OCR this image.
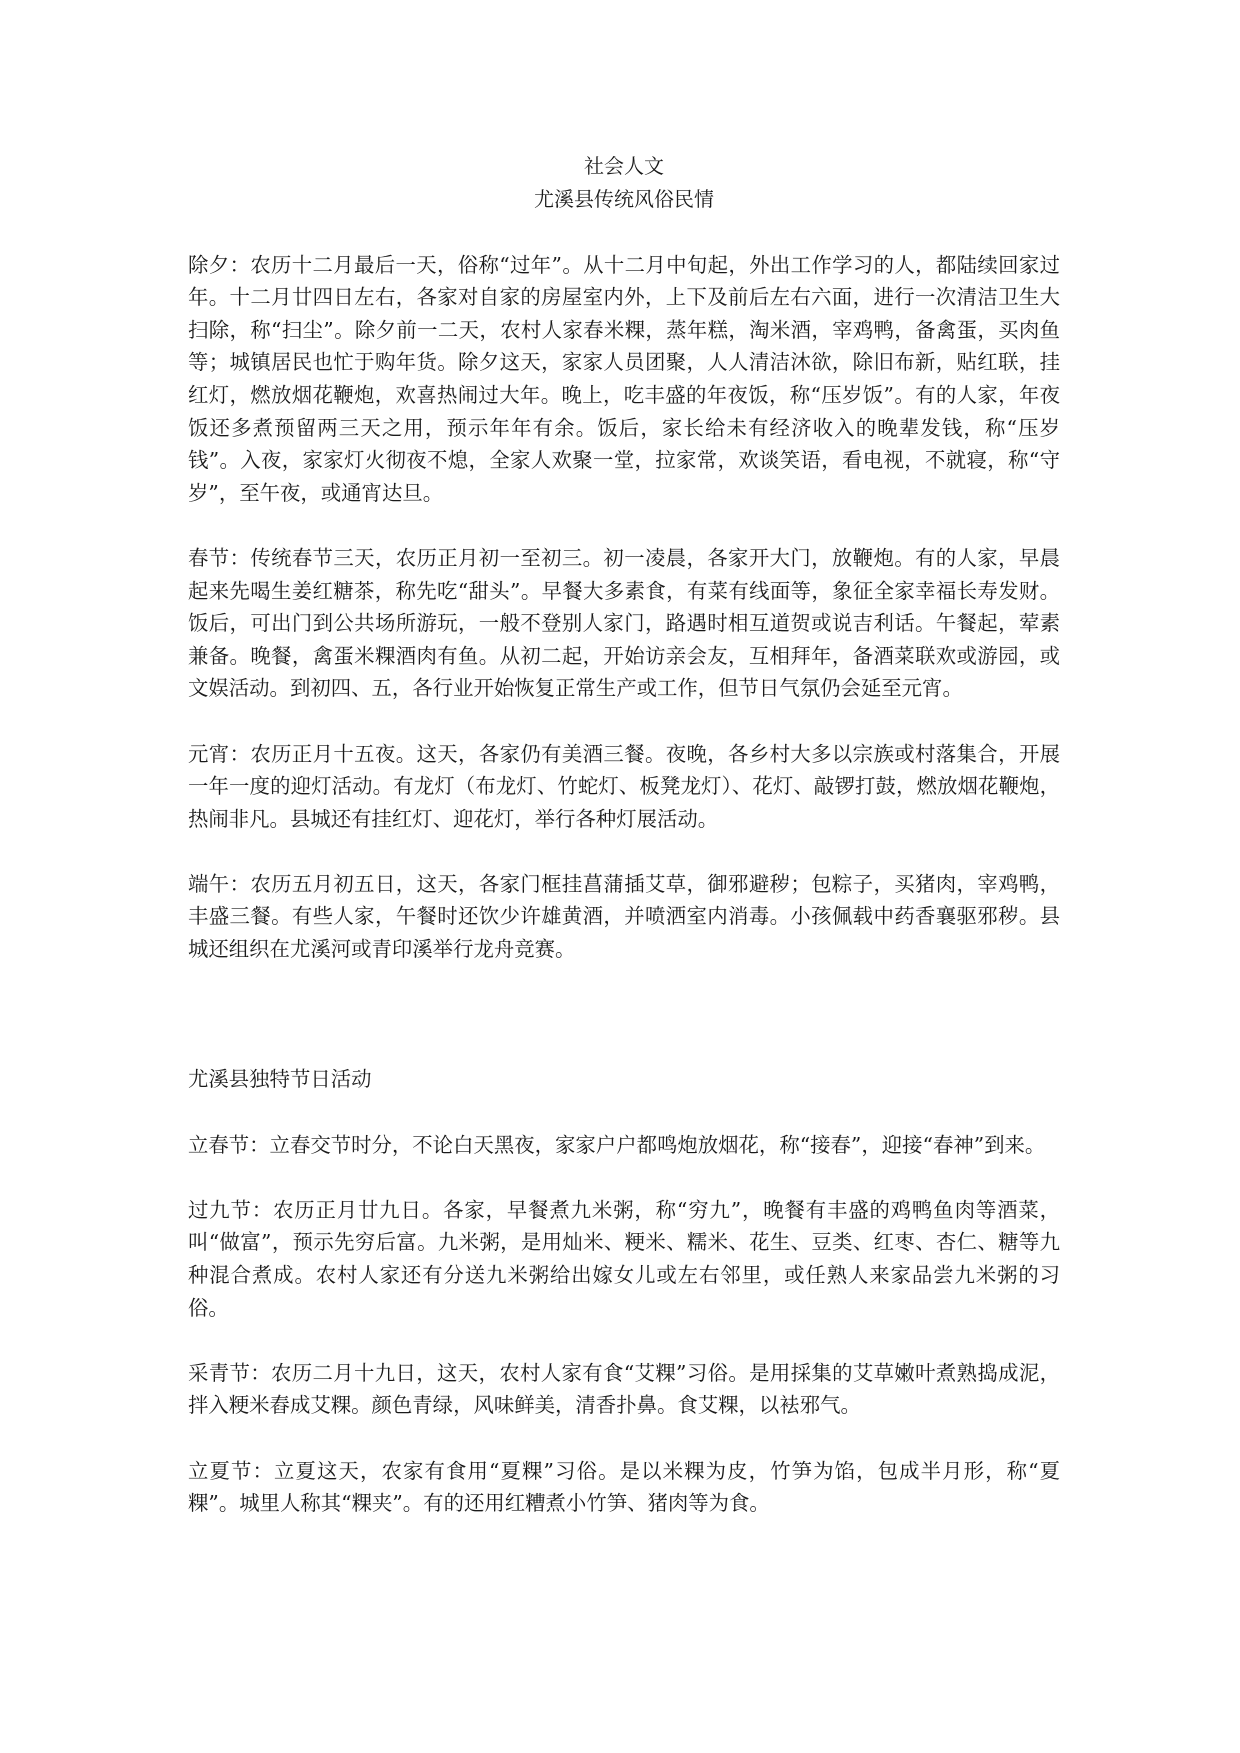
社会人文
尤溪县传统风俗民情

除夕：农历十二月最后一天，俗称“过年”。从十二月中旬起，外出工作学习的人，都陆续回家过年。十二月廿四日左右，各家对自家的房屋室内外，上下及前后左右六面，进行一次清洁卫生大扫除，称“扫尘”。除夕前一二天，农村人家春米粿，蒸年糕，淘米酒，宰鸡鸭，备禽蛋，买肉鱼等；城镇居民也忙于购年货。除夕这天，家家人员团聚，人人清洁沐欲，除旧布新，贴红联，挂红灯，燃放烟花鞭炮，欢喜热闹过大年。晚上，吃丰盛的年夜饭，称“压岁饭”。有的人家，年夜饭还多煮预留两三天之用，预示年年有余。饭后，家长给未有经济收入的晚辈发钱，称“压岁钱”。入夜，家家灯火彻夜不熄，全家人欢聚一堂，拉家常，欢谈笑语，看电视，不就寝，称“守岁”，至午夜，或通宵达旦。

春节：传统春节三天，农历正月初一至初三。初一凌晨，各家开大门，放鞭炮。有的人家，早晨起来先喝生姜红糖茶，称先吃“甜头”。早餐大多素食，有菜有线面等，象征全家幸福长寿发财。饭后，可出门到公共场所游玩，一般不登别人家门，路遇时相互道贺或说吉利话。午餐起，荤素兼备。晚餐，禽蛋米粿酒肉有鱼。从初二起，开始访亲会友，互相拜年，备酒菜联欢或游园，或文娱活动。到初四、五，各行业开始恢复正常生产或工作，但节日气氛仍会延至元宵。

元宵：农历正月十五夜。这天，各家仍有美酒三餐。夜晚，各乡村大多以宗族或村落集合，开展一年一度的迎灯活动。有龙灯（布龙灯、竹蛇灯、板凳龙灯）、花灯、敲锣打鼓，燃放烟花鞭炮，热闹非凡。县城还有挂红灯、迎花灯，举行各种灯展活动。

端午：农历五月初五日，这天，各家门框挂菖蒲插艾草，御邪避秽；包粽子，买猪肉，宰鸡鸭，丰盛三餐。有些人家，午餐时还饮少许雄黄酒，并喷洒室内消毒。小孩佩载中药香襄驱邪秽。县城还组织在尤溪河或青印溪举行龙舟竞赛。

尤溪县独特节日活动

立春节：立春交节时分，不论白天黑夜，家家户户都鸣炮放烟花，称“接春”，迎接“春神”到来。

过九节：农历正月廿九日。各家，早餐煮九米粥，称“穷九”，晚餐有丰盛的鸡鸭鱼肉等酒菜，叫“做富”，预示先穷后富。九米粥，是用灿米、粳米、糯米、花生、豆类、红枣、杏仁、糖等九种混合煮成。农村人家还有分送九米粥给出嫁女儿或左右邻里，或任熟人来家品尝九米粥的习俗。

采青节：农历二月十九日，这天，农村人家有食“艾粿”习俗。是用採集的艾草嫩叶煮熟捣成泥，拌入粳米舂成艾粿。颜色青绿，风味鲜美，清香扑鼻。食艾粿，以袪邪气。

立夏节：立夏这天，农家有食用“夏粿”习俗。是以米粿为皮，竹笋为馅，包成半月形，称“夏粿”。城里人称其“粿夹”。有的还用红糟煮小竹笋、猪肉等为食。
